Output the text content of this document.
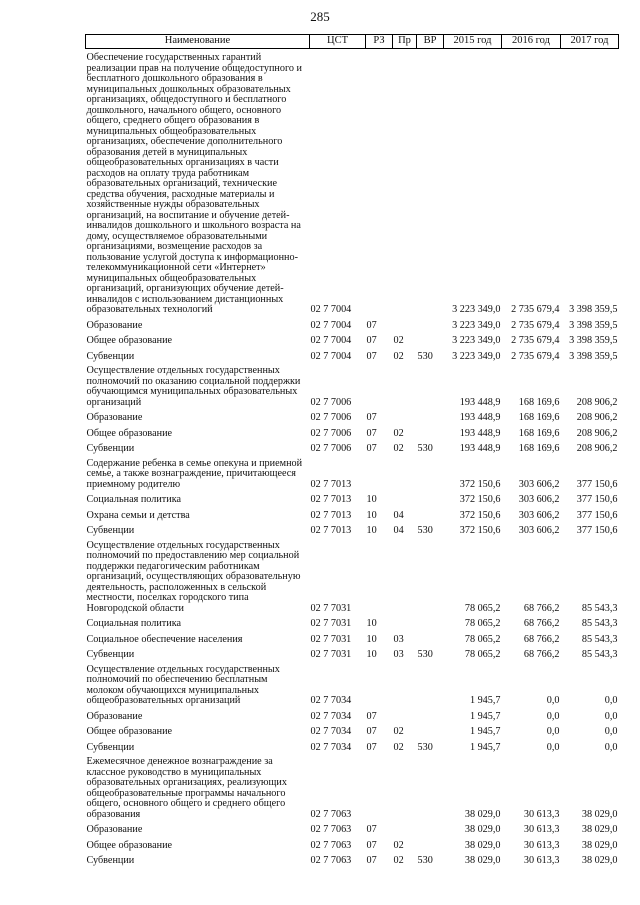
285
Наименование	ЦСТ	РЗ	Пр	ВР	2015 год	2016 год	2017 год
Обеспечение государственных гарантий реализации прав на получение общедоступного и бесплатного дошкольного образования в муниципальных дошкольных образовательных организациях, общедоступного и бесплатного дошкольного, начального общего, основного общего, среднего общего образования в муниципальных общеобразовательных организациях, обеспечение дополнительного образования детей в муниципальных общеобразовательных организациях в части расходов на оплату труда работникам образовательных организаций, технические средства обучения, расходные материалы и хозяйственные нужды образовательных организаций, на воспитание и обучение детей-инвалидов дошкольного и школьного возраста на дому, осуществляемое образовательными организациями, возмещение расходов за пользование услугой доступа к информационно-телекоммуникационной сети «Интернет» муниципальных общеобразовательных организаций, организующих обучение детей-инвалидов с использованием дистанционных образовательных технологий	02 7 7004				3 223 349,0	2 735 679,4	3 398 359,5
Образование	02 7 7004	07			3 223 349,0	2 735 679,4	3 398 359,5
Общее образование	02 7 7004	07	02		3 223 349,0	2 735 679,4	3 398 359,5
Субвенции	02 7 7004	07	02	530	3 223 349,0	2 735 679,4	3 398 359,5
Осуществление отдельных государственных полномочий по оказанию социальной поддержки обучающимся муниципальных образовательных организаций	02 7 7006				193 448,9	168 169,6	208 906,2
Образование	02 7 7006	07			193 448,9	168 169,6	208 906,2
Общее образование	02 7 7006	07	02		193 448,9	168 169,6	208 906,2
Субвенции	02 7 7006	07	02	530	193 448,9	168 169,6	208 906,2
Содержание ребенка в семье опекуна и приемной семье, а также вознаграждение, причитающееся приемному родителю	02 7 7013				372 150,6	303 606,2	377 150,6
Социальная политика	02 7 7013	10			372 150,6	303 606,2	377 150,6
Охрана семьи и детства	02 7 7013	10	04		372 150,6	303 606,2	377 150,6
Субвенции	02 7 7013	10	04	530	372 150,6	303 606,2	377 150,6
Осуществление отдельных государственных полномочий по предоставлению мер социальной поддержки педагогическим работникам организаций, осуществляющих образовательную деятельность, расположенных в сельской местности, поселках городского типа Новгородской области	02 7 7031				78 065,2	68 766,2	85 543,3
Социальная политика	02 7 7031	10			78 065,2	68 766,2	85 543,3
Социальное обеспечение населения	02 7 7031	10	03		78 065,2	68 766,2	85 543,3
Субвенции	02 7 7031	10	03	530	78 065,2	68 766,2	85 543,3
Осуществление отдельных государственных полномочий по обеспечению бесплатным молоком обучающихся муниципальных общеобразовательных организаций	02 7 7034				1 945,7	0,0	0,0
Образование	02 7 7034	07			1 945,7	0,0	0,0
Общее образование	02 7 7034	07	02		1 945,7	0,0	0,0
Субвенции	02 7 7034	07	02	530	1 945,7	0,0	0,0
Ежемесячное денежное вознаграждение за классное руководство в муниципальных образовательных организациях, реализующих общеобразовательные программы начального общего, основного общего и среднего общего образования	02 7 7063				38 029,0	30 613,3	38 029,0
Образование	02 7 7063	07			38 029,0	30 613,3	38 029,0
Общее образование	02 7 7063	07	02		38 029,0	30 613,3	38 029,0
Субвенции	02 7 7063	07	02	530	38 029,0	30 613,3	38 029,0
